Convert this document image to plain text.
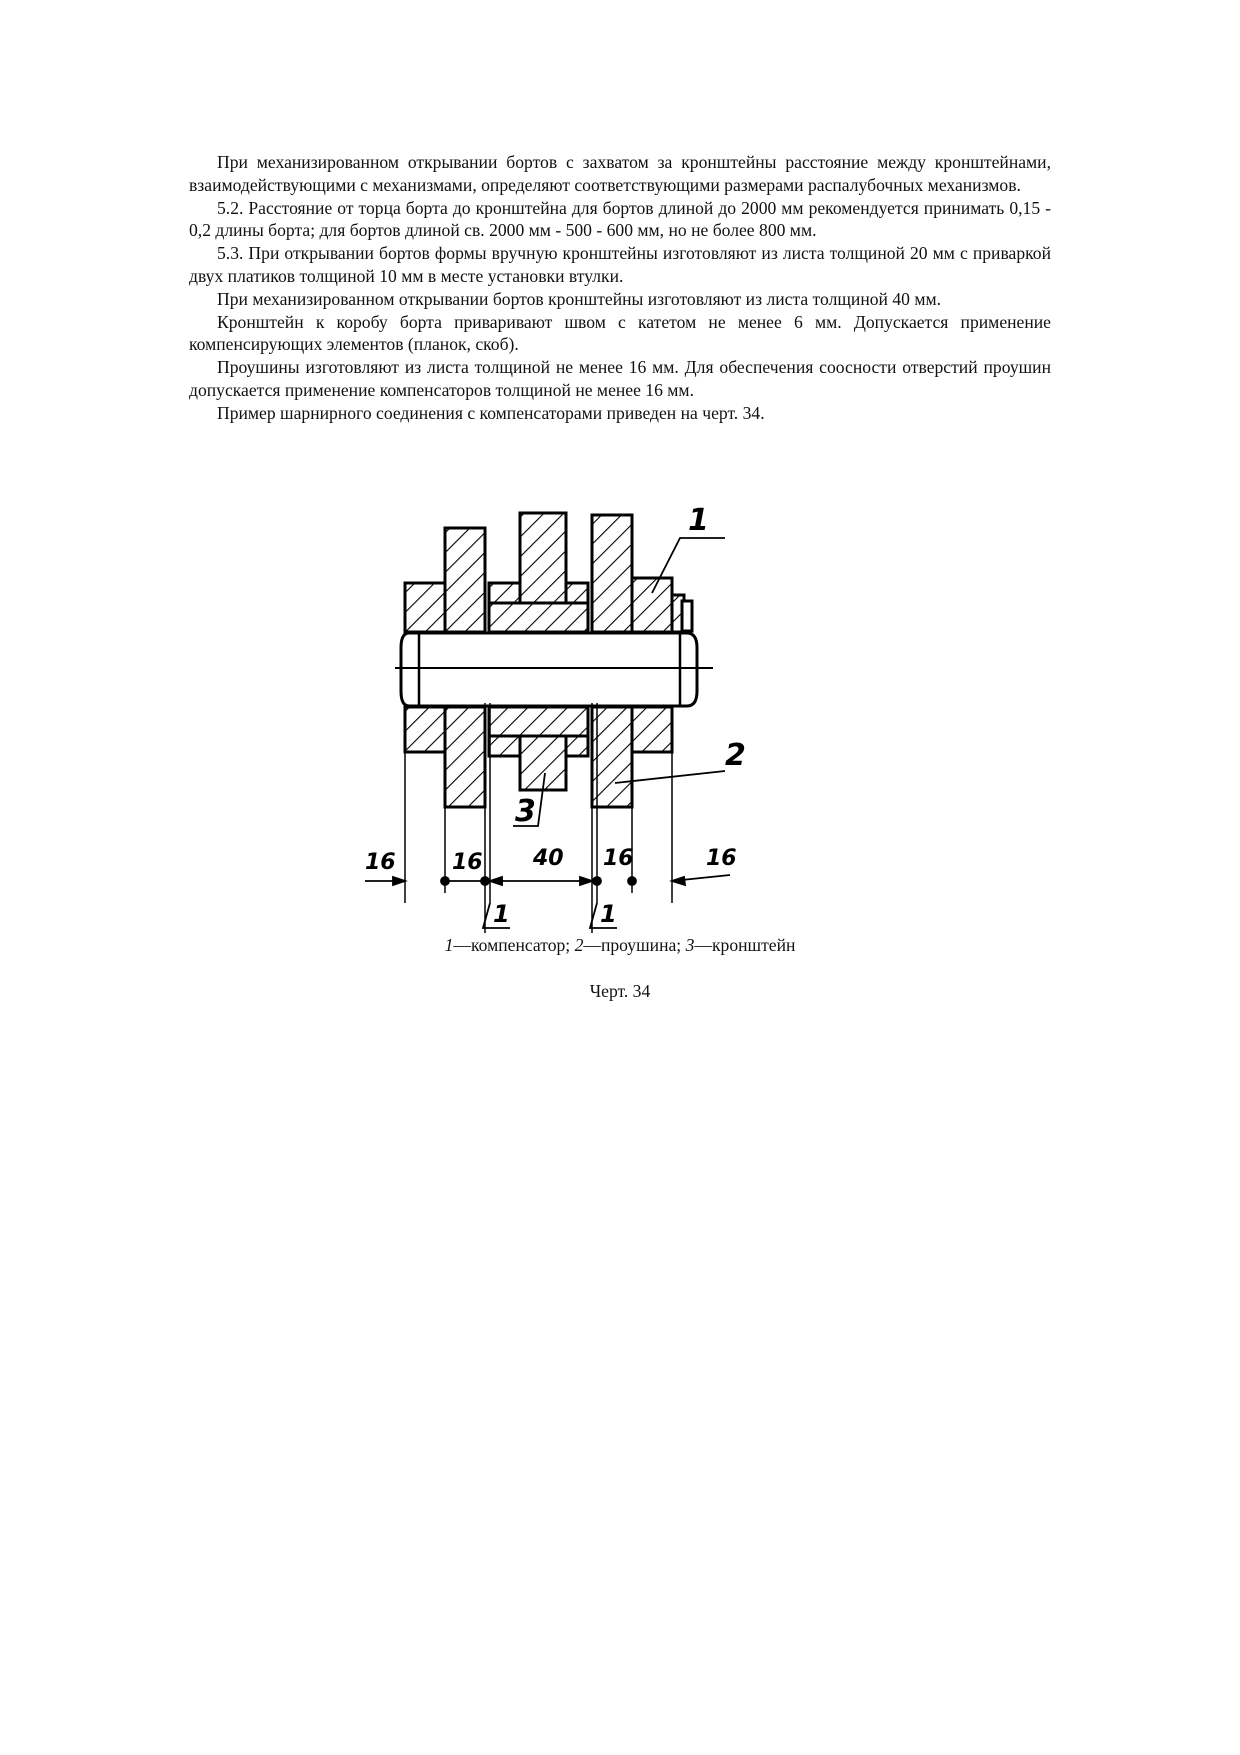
При механизированном открывании бортов с захватом за кронштейны расстояние между кронштейнами, взаимодействующими с механизмами, определяют соответствующими размерами распалубочных механизмов.

5.2. Расстояние от торца борта до кронштейна для бортов длиной до 2000 мм рекомендуется принимать 0,15 - 0,2 длины борта; для бортов длиной св. 2000 мм - 500 - 600 мм, но не более 800 мм.

5.3. При открывании бортов формы вручную кронштейны изготовляют из листа толщиной 20 мм с приваркой двух платиков толщиной 10 мм в месте установки втулки.

При механизированном открывании бортов кронштейны изготовляют из листа толщиной 40 мм.

Кронштейн к коробу борта приваривают швом с катетом не менее 6 мм. Допускается применение компенсирующих элементов (планок, скоб).

Проушины изготовляют из листа толщиной не менее 16 мм. Для обеспечения соосности отверстий проушин допускается применение компенсаторов толщиной не менее 16 мм.

Пример шарнирного соединения с компенсаторами приведен на черт. 34.

16	16 40 16	16
1	1
1
2
3
1—компенсатор; 2—проушина; 3—кронштейн
Черт. 34
